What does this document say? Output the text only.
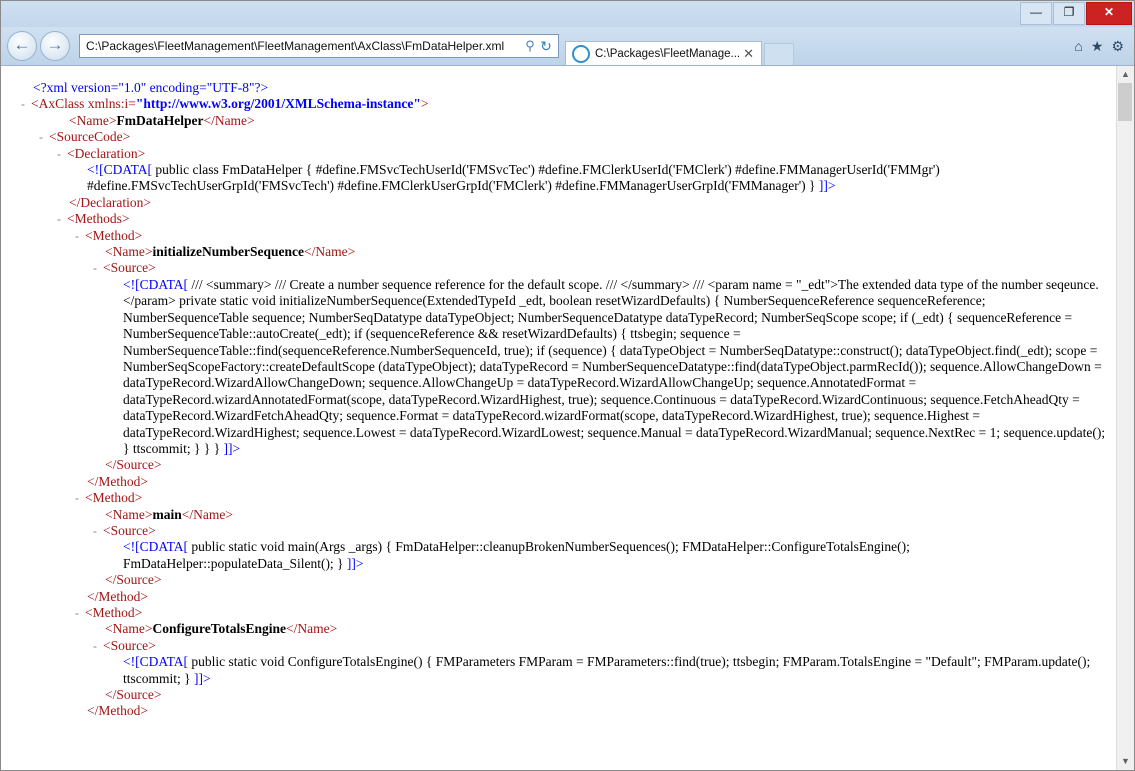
—	❐	✕
← →	C:\Packages\FleetManagement\FleetManagement\AxClass\FmDataHelper.xml	⚲ ↻
C:\Packages\FleetManage... ✕	⌂ ★ ⚙
<?xml version="1.0" encoding="UTF-8"?>
- <AxClass xmlns:i="http://www.w3.org/2001/XMLSchema-instance">
<Name>FmDataHelper</Name>
- <SourceCode>
- <Declaration>
<![CDATA[ public class FmDataHelper { #define.FMSvcTechUserId('FMSvcTec') #define.FMClerkUserId('FMClerk') #define.FMManagerUserId('FMMgr') #define.FMSvcTechUserGrpId('FMSvcTech') #define.FMClerkUserGrpId('FMClerk') #define.FMManagerUserGrpId('FMManager') } ]]>
</Declaration>
- <Methods>
- <Method>
<Name>initializeNumberSequence</Name>
- <Source>
<![CDATA[ /// <summary> /// Create a number sequence reference for the default scope. /// </summary> /// <param name = "_edt">The extended data type of the number seqeunce.</param> private static void initializeNumberSequence(ExtendedTypeId _edt, boolean resetWizardDefaults) { NumberSequenceReference sequenceReference; NumberSequenceTable sequence; NumberSeqDatatype dataTypeObject; NumberSequenceDatatype dataTypeRecord; NumberSeqScope scope; if (_edt) { sequenceReference = NumberSequenceTable::autoCreate(_edt); if (sequenceReference && resetWizardDefaults) { ttsbegin; sequence = NumberSequenceTable::find(sequenceReference.NumberSequenceId, true); if (sequence) { dataTypeObject = NumberSeqDatatype::construct(); dataTypeObject.find(_edt); scope = NumberSeqScopeFactory::createDefaultScope (dataTypeObject); dataTypeRecord = NumberSequenceDatatype::find(dataTypeObject.parmRecId()); sequence.AllowChangeDown = dataTypeRecord.WizardAllowChangeDown; sequence.AllowChangeUp = dataTypeRecord.WizardAllowChangeUp; sequence.AnnotatedFormat = dataTypeRecord.wizardAnnotatedFormat(scope, dataTypeRecord.WizardHighest, true); sequence.Continuous = dataTypeRecord.WizardContinuous; sequence.FetchAheadQty = dataTypeRecord.WizardFetchAheadQty; sequence.Format = dataTypeRecord.wizardFormat(scope, dataTypeRecord.WizardHighest, true); sequence.Highest = dataTypeRecord.WizardHighest; sequence.Lowest = dataTypeRecord.WizardLowest; sequence.Manual = dataTypeRecord.WizardManual; sequence.NextRec = 1; sequence.update(); } ttscommit; } } } ]]>
</Source>
</Method>
- <Method>
<Name>main</Name>
- <Source>
<![CDATA[ public static void main(Args _args) { FmDataHelper::cleanupBrokenNumberSequences(); FMDataHelper::ConfigureTotalsEngine(); FmDataHelper::populateData_Silent(); } ]]>
</Source>
</Method>
- <Method>
<Name>ConfigureTotalsEngine</Name>
- <Source>
<![CDATA[ public static void ConfigureTotalsEngine() { FMParameters FMParam = FMParameters::find(true); ttsbegin; FMParam.TotalsEngine = "Default"; FMParam.update(); ttscommit; } ]]>
</Source>
</Method>
▲
▼
